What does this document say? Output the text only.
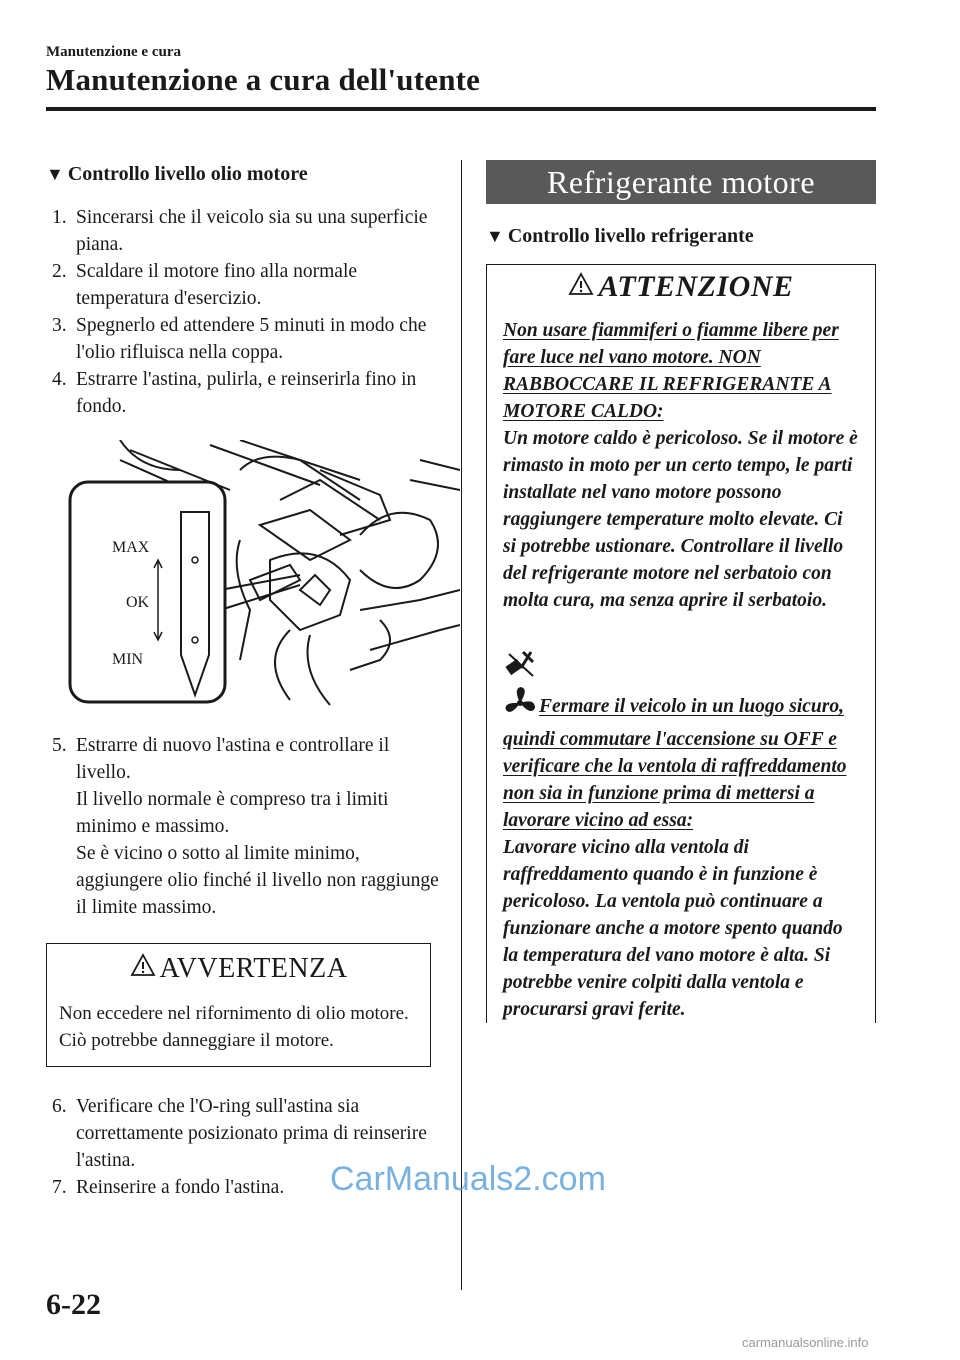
Manutenzione e cura
Manutenzione a cura dell'utente
▼ Controllo livello olio motore
1. Sincerarsi che il veicolo sia su una superficie piana.
2. Scaldare il motore fino alla normale temperatura d'esercizio.
3. Spegnerlo ed attendere 5 minuti in modo che l'olio rifluisca nella coppa.
4. Estrarre l'astina, pulirla, e reinserirla fino in fondo.
MAX
OK
MIN
5. Estrarre di nuovo l'astina e controllare il livello.
Il livello normale è compreso tra i limiti minimo e massimo.
Se è vicino o sotto al limite minimo, aggiungere olio finché il livello non raggiunge il limite massimo.
AVVERTENZA
Non eccedere nel rifornimento di olio motore. Ciò potrebbe danneggiare il motore.
6. Verificare che l'O-ring sull'astina sia correttamente posizionato prima di reinserire l'astina.
7. Reinserire a fondo l'astina.
Refrigerante motore
▼ Controllo livello refrigerante
ATTENZIONE
Non usare fiammiferi o fiamme libere per fare luce nel vano motore. NON RABBOCCARE IL REFRIGERANTE A MOTORE CALDO:
Un motore caldo è pericoloso. Se il motore è rimasto in moto per un certo tempo, le parti installate nel vano motore possono raggiungere temperature molto elevate. Ci si potrebbe ustionare. Controllare il livello del refrigerante motore nel serbatoio con molta cura, ma senza aprire il serbatoio.
Fermare il veicolo in un luogo sicuro, quindi commutare l'accensione su OFF e verificare che la ventola di raffreddamento non sia in funzione prima di mettersi a lavorare vicino ad essa:
Lavorare vicino alla ventola di raffreddamento quando è in funzione è pericoloso. La ventola può continuare a funzionare anche a motore spento quando la temperatura del vano motore è alta. Si potrebbe venire colpiti dalla ventola e procurarsi gravi ferite.
6-22
CarManuals2.com
carmanualsonline.info
